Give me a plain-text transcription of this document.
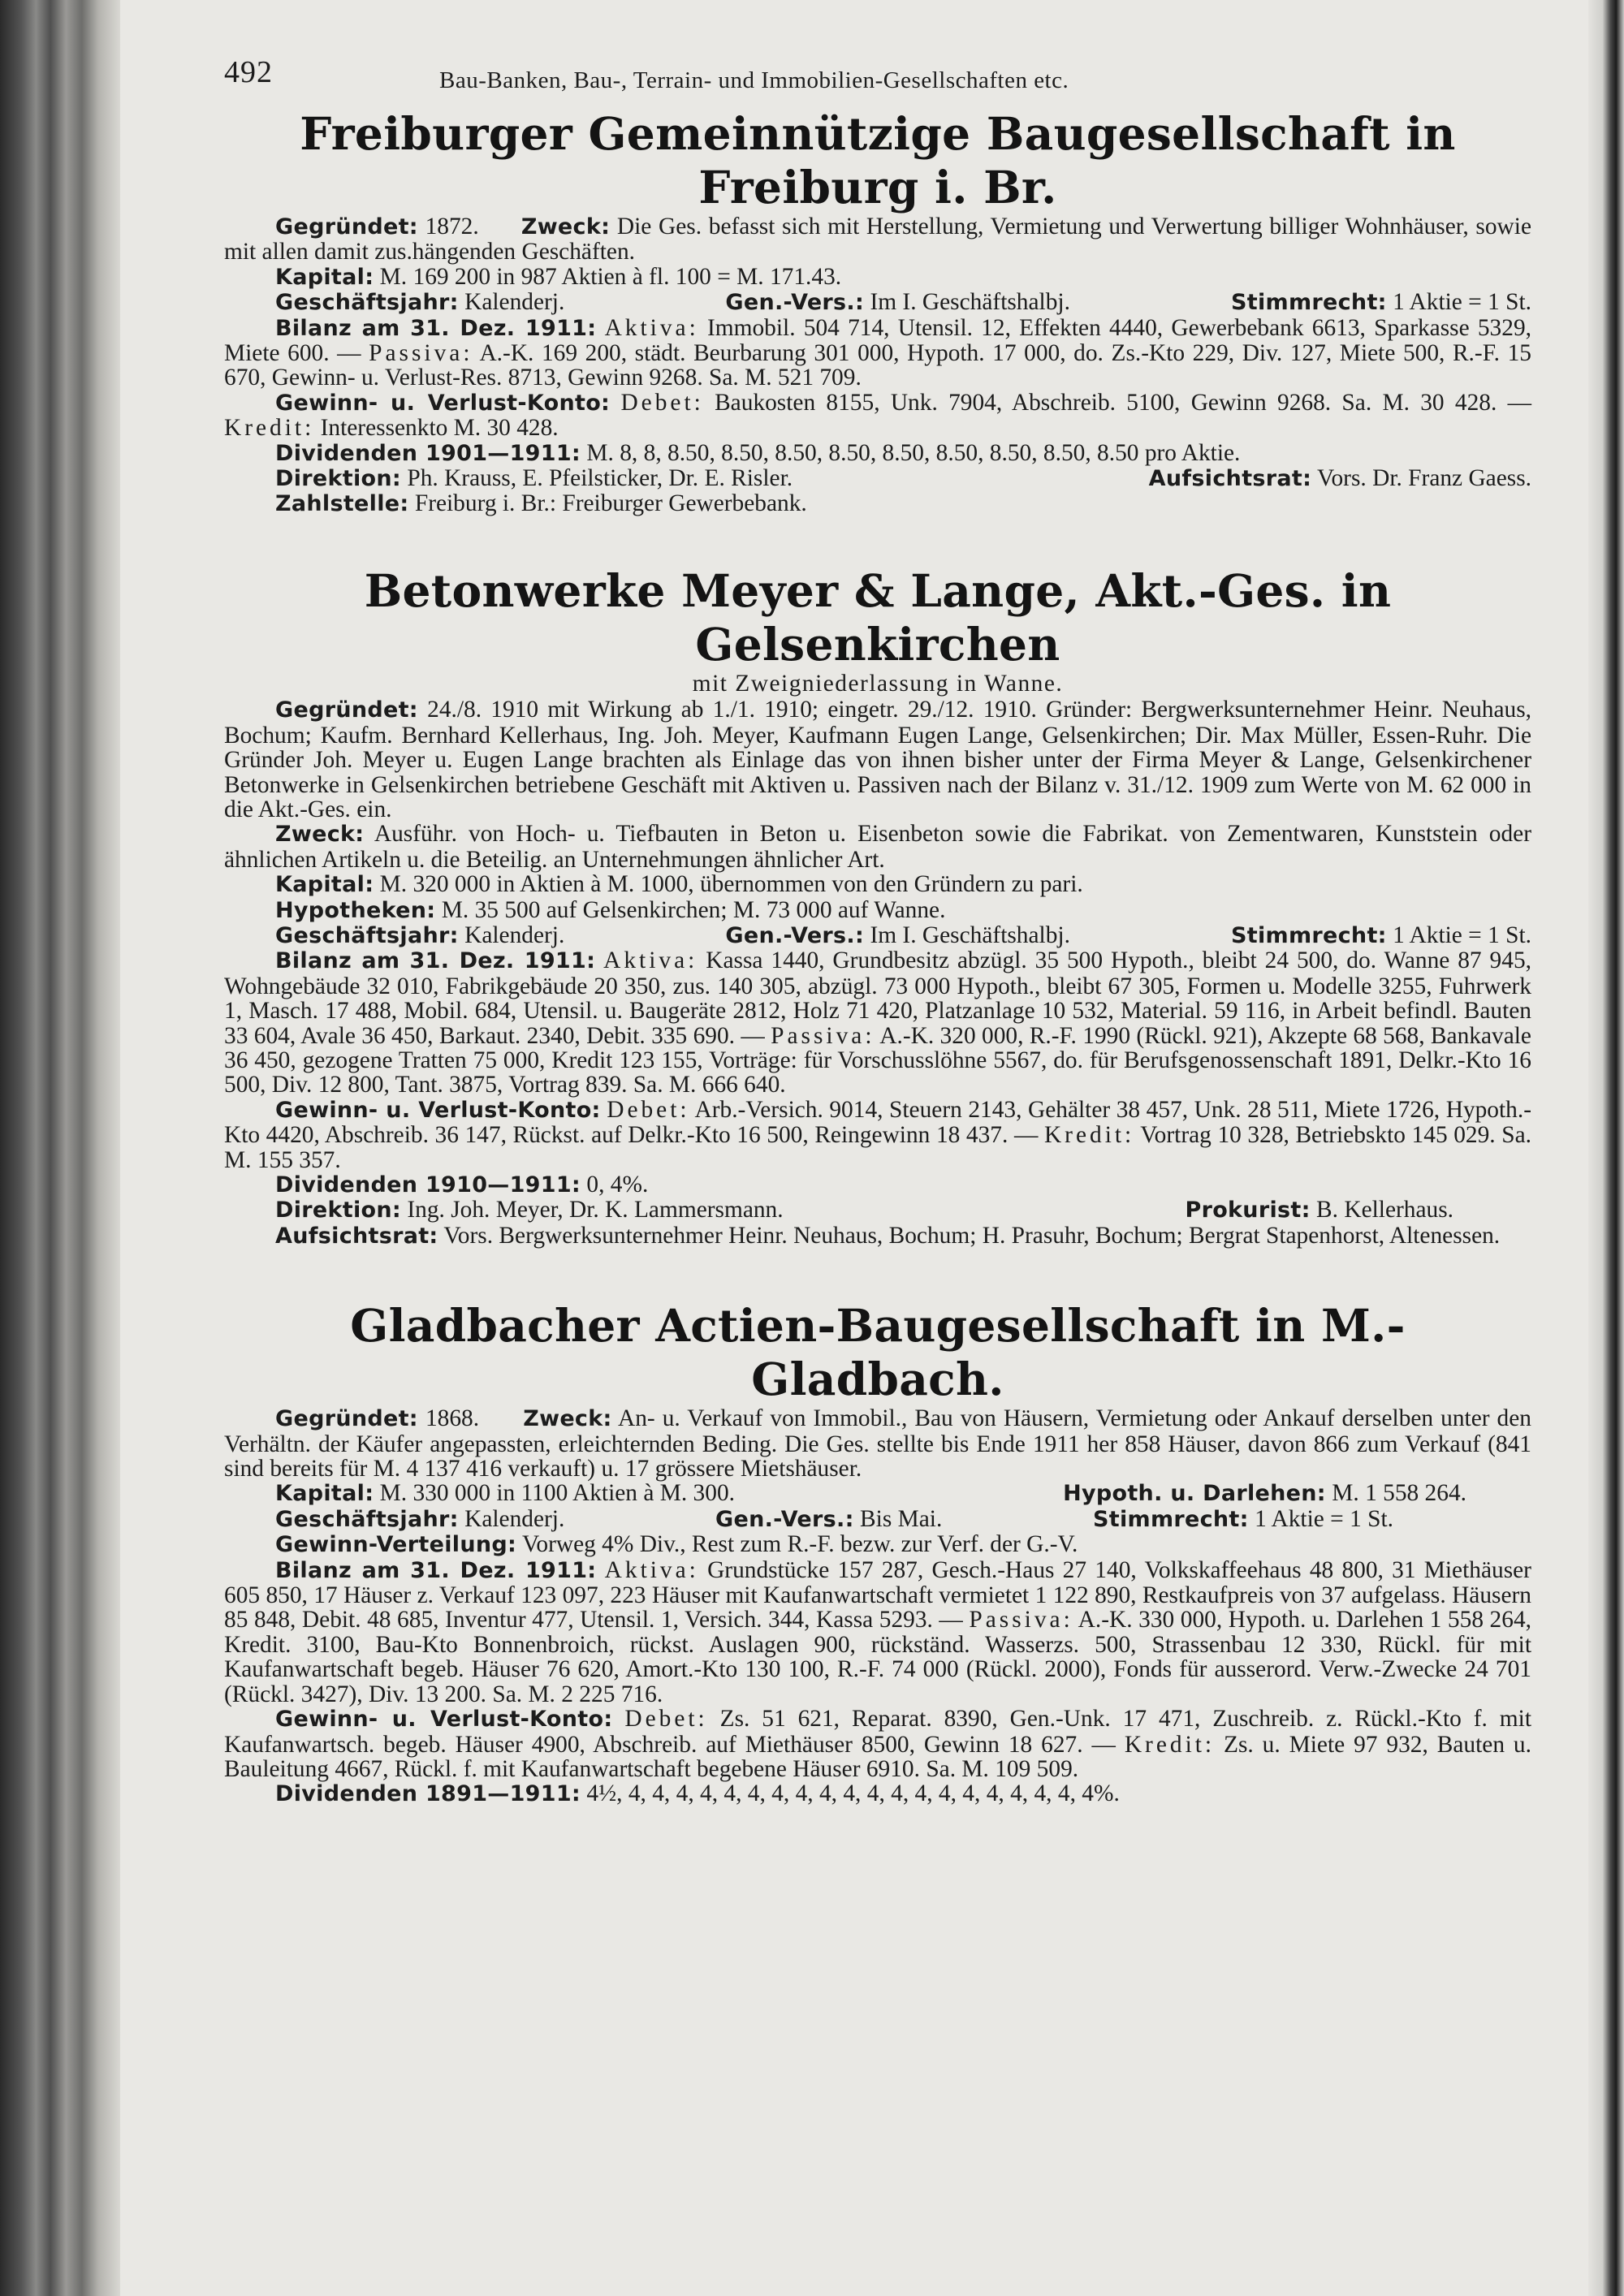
492	Bau-Banken, Bau-, Terrain- und Immobilien-Gesellschaften etc.
Freiburger Gemeinnützige Baugesellschaft in Freiburg i. Br.

Gegründet: 1872. Zweck: Die Ges. befasst sich mit Herstellung, Vermietung und Verwertung billiger Wohnhäuser, sowie mit allen damit zus.hängenden Geschäften.

Kapital: M. 169 200 in 987 Aktien à fl. 100 = M. 171.43.

Geschäftsjahr: Kalenderj.	Gen.-Vers.: Im I. Geschäftshalbj.	Stimmrecht: 1 Aktie = 1 St.

Bilanz am 31. Dez. 1911: Aktiva: Immobil. 504 714, Utensil. 12, Effekten 4440, Gewerbebank 6613, Sparkasse 5329, Miete 600. — Passiva: A.-K. 169 200, städt. Beurbarung 301 000, Hypoth. 17 000, do. Zs.-Kto 229, Div. 127, Miete 500, R.-F. 15 670, Gewinn- u. Verlust-Res. 8713, Gewinn 9268. Sa. M. 521 709.

Gewinn- u. Verlust-Konto: Debet: Baukosten 8155, Unk. 7904, Abschreib. 5100, Gewinn 9268. Sa. M. 30 428. — Kredit: Interessenkto M. 30 428.

Dividenden 1901—1911: M. 8, 8, 8.50, 8.50, 8.50, 8.50, 8.50, 8.50, 8.50, 8.50, 8.50 pro Aktie.

Direktion: Ph. Krauss, E. Pfeilsticker, Dr. E. Risler.	Aufsichtsrat: Vors. Dr. Franz Gaess.

Zahlstelle: Freiburg i. Br.: Freiburger Gewerbebank.

Betonwerke Meyer & Lange, Akt.-Ges. in Gelsenkirchen
mit Zweigniederlassung in Wanne.

Gegründet: 24./8. 1910 mit Wirkung ab 1./1. 1910; eingetr. 29./12. 1910. Gründer: Bergwerksunternehmer Heinr. Neuhaus, Bochum; Kaufm. Bernhard Kellerhaus, Ing. Joh. Meyer, Kaufmann Eugen Lange, Gelsenkirchen; Dir. Max Müller, Essen-Ruhr. Die Gründer Joh. Meyer u. Eugen Lange brachten als Einlage das von ihnen bisher unter der Firma Meyer & Lange, Gelsenkirchener Betonwerke in Gelsenkirchen betriebene Geschäft mit Aktiven u. Passiven nach der Bilanz v. 31./12. 1909 zum Werte von M. 62 000 in die Akt.-Ges. ein.

Zweck: Ausführ. von Hoch- u. Tiefbauten in Beton u. Eisenbeton sowie die Fabrikat. von Zementwaren, Kunststein oder ähnlichen Artikeln u. die Beteilig. an Unternehmungen ähnlicher Art.

Kapital: M. 320 000 in Aktien à M. 1000, übernommen von den Gründern zu pari.

Hypotheken: M. 35 500 auf Gelsenkirchen; M. 73 000 auf Wanne.

Geschäftsjahr: Kalenderj.	Gen.-Vers.: Im I. Geschäftshalbj.	Stimmrecht: 1 Aktie = 1 St.

Bilanz am 31. Dez. 1911: Aktiva: Kassa 1440, Grundbesitz abzügl. 35 500 Hypoth., bleibt 24 500, do. Wanne 87 945, Wohngebäude 32 010, Fabrikgebäude 20 350, zus. 140 305, abzügl. 73 000 Hypoth., bleibt 67 305, Formen u. Modelle 3255, Fuhrwerk 1, Masch. 17 488, Mobil. 684, Utensil. u. Baugeräte 2812, Holz 71 420, Platzanlage 10 532, Material. 59 116, in Arbeit befindl. Bauten 33 604, Avale 36 450, Barkaut. 2340, Debit. 335 690. — Passiva: A.-K. 320 000, R.-F. 1990 (Rückl. 921), Akzepte 68 568, Bankavale 36 450, gezogene Tratten 75 000, Kredit 123 155, Vorträge: für Vorschusslöhne 5567, do. für Berufsgenossenschaft 1891, Delkr.-Kto 16 500, Div. 12 800, Tant. 3875, Vortrag 839. Sa. M. 666 640.

Gewinn- u. Verlust-Konto: Debet: Arb.-Versich. 9014, Steuern 2143, Gehälter 38 457, Unk. 28 511, Miete 1726, Hypoth.-Kto 4420, Abschreib. 36 147, Rückst. auf Delkr.-Kto 16 500, Reingewinn 18 437. — Kredit: Vortrag 10 328, Betriebskto 145 029. Sa. M. 155 357.

Dividenden 1910—1911: 0, 4%.

Direktion: Ing. Joh. Meyer, Dr. K. Lammersmann.	Prokurist: B. Kellerhaus.

Aufsichtsrat: Vors. Bergwerksunternehmer Heinr. Neuhaus, Bochum; H. Prasuhr, Bochum; Bergrat Stapenhorst, Altenessen.

Gladbacher Actien-Baugesellschaft in M.-Gladbach.

Gegründet: 1868. Zweck: An- u. Verkauf von Immobil., Bau von Häusern, Vermietung oder Ankauf derselben unter den Verhältn. der Käufer angepassten, erleichternden Beding. Die Ges. stellte bis Ende 1911 her 858 Häuser, davon 866 zum Verkauf (841 sind bereits für M. 4 137 416 verkauft) u. 17 grössere Mietshäuser.

Kapital: M. 330 000 in 1100 Aktien à M. 300.	Hypoth. u. Darlehen: M. 1 558 264.
Geschäftsjahr: Kalenderj.	Gen.-Vers.: Bis Mai.	Stimmrecht: 1 Aktie = 1 St.

Gewinn-Verteilung: Vorweg 4% Div., Rest zum R.-F. bezw. zur Verf. der G.-V.

Bilanz am 31. Dez. 1911: Aktiva: Grundstücke 157 287, Gesch.-Haus 27 140, Volkskaffeehaus 48 800, 31 Miethäuser 605 850, 17 Häuser z. Verkauf 123 097, 223 Häuser mit Kaufanwartschaft vermietet 1 122 890, Restkaufpreis von 37 aufgelass. Häusern 85 848, Debit. 48 685, Inventur 477, Utensil. 1, Versich. 344, Kassa 5293. — Passiva: A.-K. 330 000, Hypoth. u. Darlehen 1 558 264, Kredit. 3100, Bau-Kto Bonnenbroich, rückst. Auslagen 900, rückständ. Wasserzs. 500, Strassenbau 12 330, Rückl. für mit Kaufanwartschaft begeb. Häuser 76 620, Amort.-Kto 130 100, R.-F. 74 000 (Rückl. 2000), Fonds für ausserord. Verw.-Zwecke 24 701 (Rückl. 3427), Div. 13 200. Sa. M. 2 225 716.

Gewinn- u. Verlust-Konto: Debet: Zs. 51 621, Reparat. 8390, Gen.-Unk. 17 471, Zuschreib. z. Rückl.-Kto f. mit Kaufanwartsch. begeb. Häuser 4900, Abschreib. auf Miethäuser 8500, Gewinn 18 627. — Kredit: Zs. u. Miete 97 932, Bauten u. Bauleitung 4667, Rückl. f. mit Kaufanwartschaft begebene Häuser 6910. Sa. M. 109 509.

Dividenden 1891—1911: 4½, 4, 4, 4, 4, 4, 4, 4, 4, 4, 4, 4, 4, 4, 4, 4, 4, 4, 4, 4, 4%.
